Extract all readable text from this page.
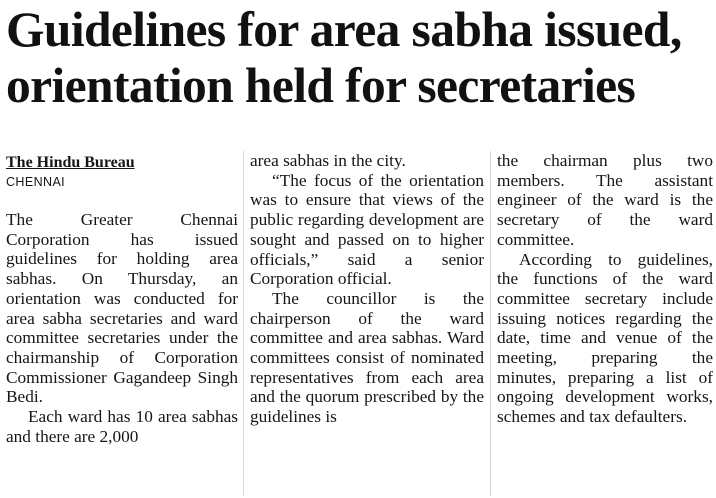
Guidelines for area sabha issued,
orientation held for secretaries
The Hindu Bureau
CHENNAI

The Greater Chennai Corporation has issued guidelines for holding area sabhas. On Thursday, an orientation was conducted for area sabha secretaries and ward committee secretaries under the chairmanship of Corporation Commissioner Gagandeep Singh Bedi.

Each ward has 10 area sabhas and there are 2,000

area sabhas in the city.

“The focus of the orientation was to ensure that views of the public regarding development are sought and passed on to higher officials,” said a senior Corporation official.

The councillor is the chairperson of the ward committee and area sabhas. Ward committees consist of nominated representatives from each area and the quorum prescribed by the guidelines is

the chairman plus two members. The assistant engineer of the ward is the secretary of the ward committee.

According to guidelines, the functions of the ward committee secretary include issuing notices regarding the date, time and venue of the meeting, preparing the minutes, preparing a list of ongoing development works, schemes and tax defaulters.
